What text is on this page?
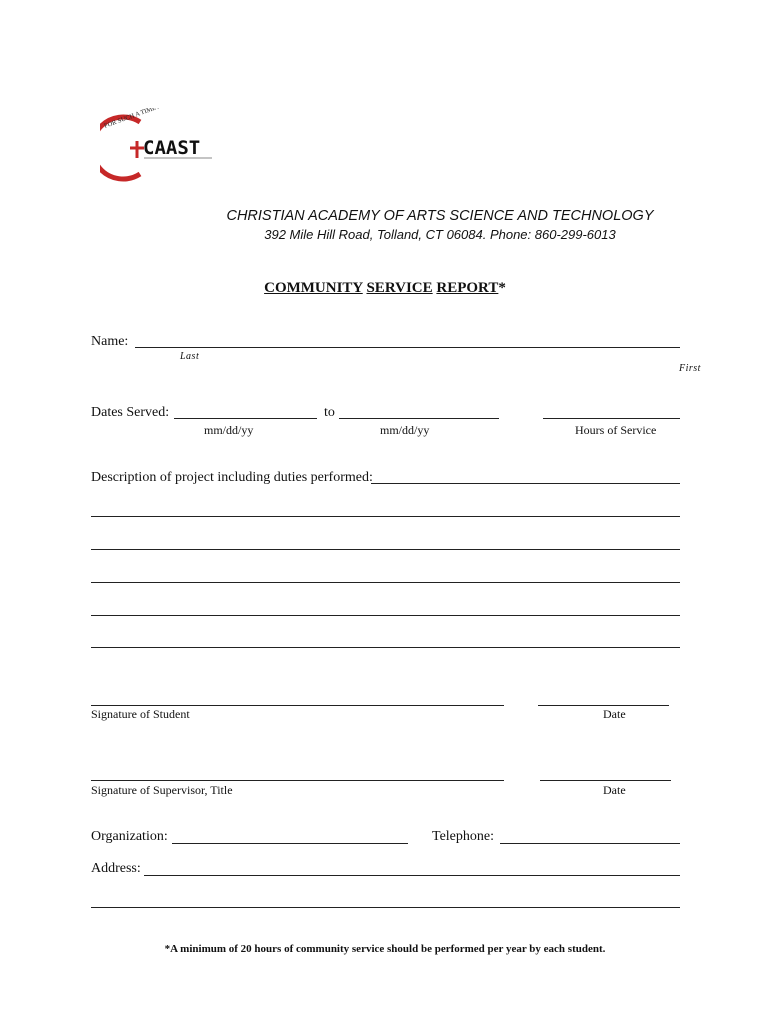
FOR SUCH A TIME AS THIS
CAAST
CHRISTIAN ACADEMY OF ARTS SCIENCE AND TECHNOLOGY
392 Mile Hill Road, Tolland, CT 06084. Phone: 860-299-6013
COMMUNITY SERVICE REPORT*
Name:
Last
First
Dates Served:	to
mm/dd/yy	mm/dd/yy	Hours of Service
Description of project including duties performed:
Signature of Student	Date
Signature of Supervisor, Title	Date
Organization:	Telephone:
Address:
*A minimum of 20 hours of community service should be performed per year by each student.
